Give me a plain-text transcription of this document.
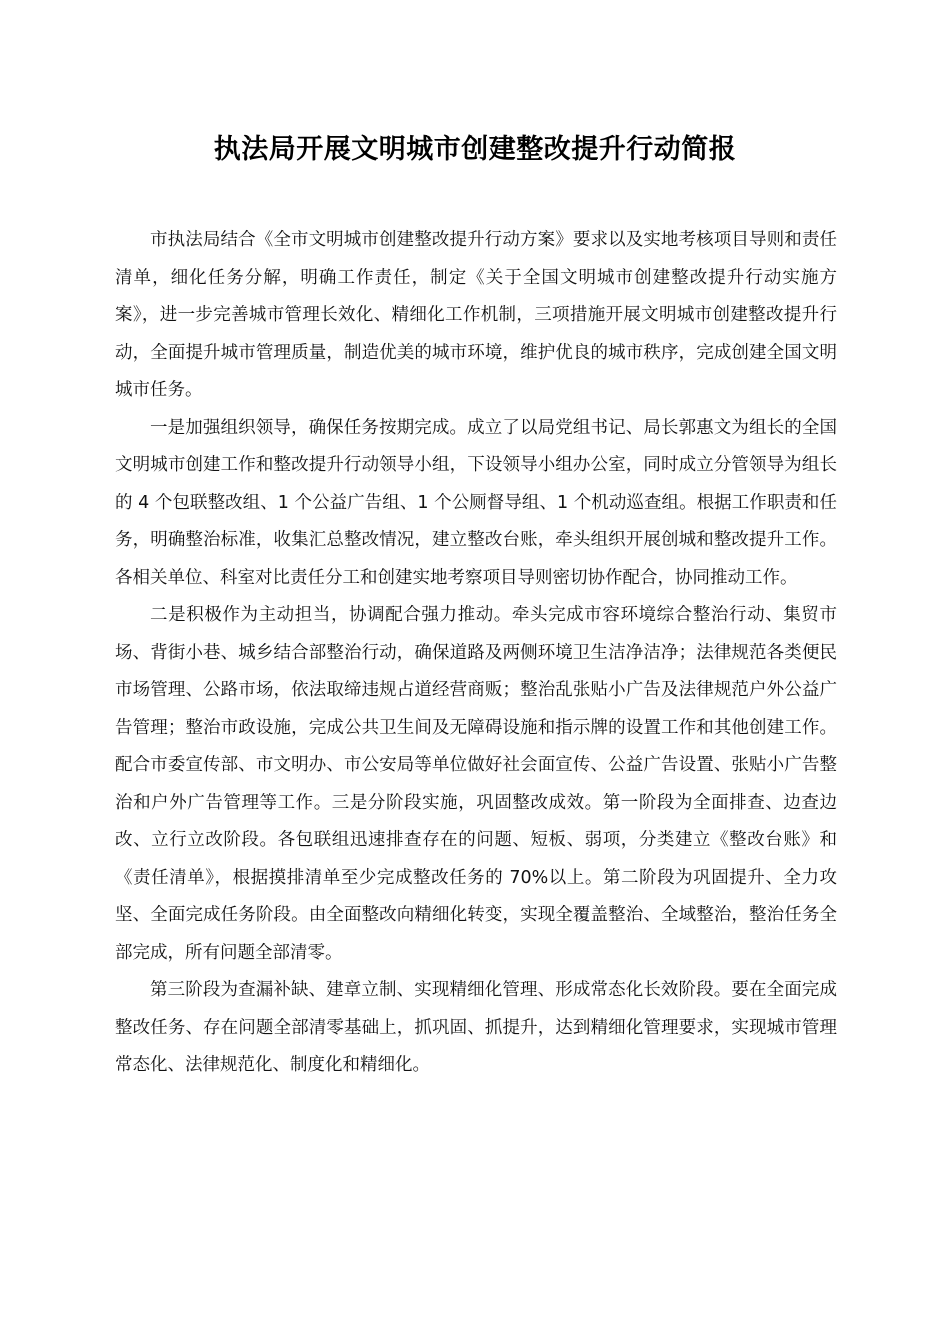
执法局开展文明城市创建整改提升行动简报

市执法局结合《全市文明城市创建整改提升行动方案》要求以及实地考核项目导则和责任清单，细化任务分解，明确工作责任，制定《关于全国文明城市创建整改提升行动实施方案》，进一步完善城市管理长效化、精细化工作机制，三项措施开展文明城市创建整改提升行动，全面提升城市管理质量，制造优美的城市环境，维护优良的城市秩序，完成创建全国文明城市任务。

一是加强组织领导，确保任务按期完成。成立了以局党组书记、局长郭惠文为组长的全国文明城市创建工作和整改提升行动领导小组，下设领导小组办公室，同时成立分管领导为组长的 4 个包联整改组、1 个公益广告组、1 个公厕督导组、1 个机动巡查组。根据工作职责和任务，明确整治标准，收集汇总整改情况，建立整改台账，牵头组织开展创城和整改提升工作。各相关单位、科室对比责任分工和创建实地考察项目导则密切协作配合，协同推动工作。

二是积极作为主动担当，协调配合强力推动。牵头完成市容环境综合整治行动、集贸市场、背街小巷、城乡结合部整治行动，确保道路及两侧环境卫生洁净洁净；法律规范各类便民市场管理、公路市场，依法取缔违规占道经营商贩；整治乱张贴小广告及法律规范户外公益广告管理；整治市政设施，完成公共卫生间及无障碍设施和指示牌的设置工作和其他创建工作。配合市委宣传部、市文明办、市公安局等单位做好社会面宣传、公益广告设置、张贴小广告整治和户外广告管理等工作。三是分阶段实施，巩固整改成效。第一阶段为全面排查、边查边改、立行立改阶段。各包联组迅速排查存在的问题、短板、弱项，分类建立《整改台账》和《责任清单》，根据摸排清单至少完成整改任务的 70%以上。第二阶段为巩固提升、全力攻坚、全面完成任务阶段。由全面整改向精细化转变，实现全覆盖整治、全域整治，整治任务全部完成，所有问题全部清零。

第三阶段为查漏补缺、建章立制、实现精细化管理、形成常态化长效阶段。要在全面完成整改任务、存在问题全部清零基础上，抓巩固、抓提升，达到精细化管理要求，实现城市管理常态化、法律规范化、制度化和精细化。
